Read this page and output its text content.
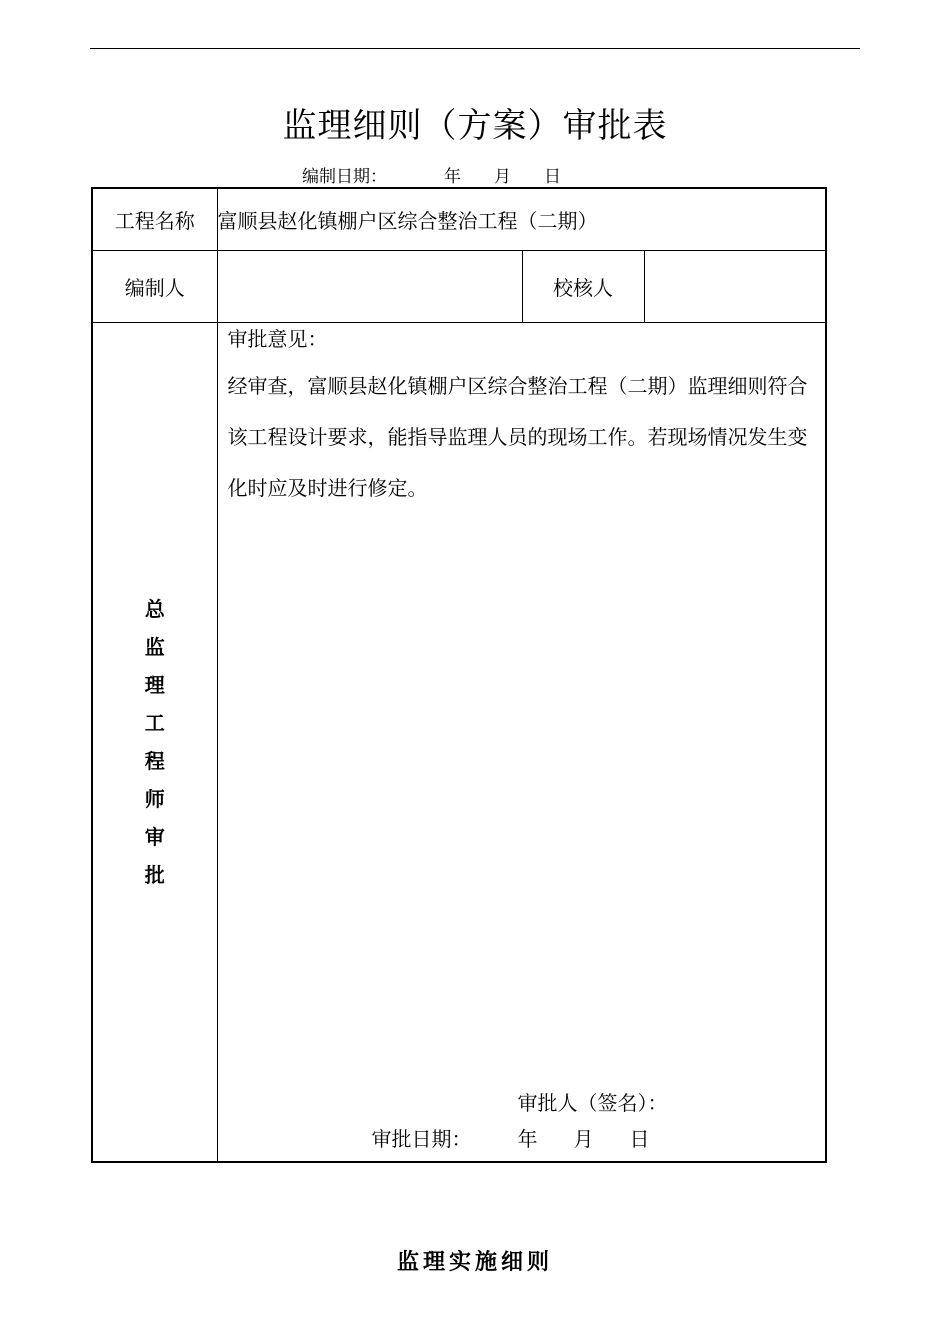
监理细则（方案）审批表
编制日期：	年 月 日
工程名称	富顺县赵化镇棚户区综合整治工程（二期）		
编制人		校核人	
总监理工程师审批	审批意见：
经审查，富顺县赵化镇棚户区综合整治工程（二期）监理细则符合该工程设计要求，能指导监理人员的现场工作。若现场情况发生变化时应及时进行修定。
审批人（签名）：
审批日期： 年 月 日		
监理实施细则
